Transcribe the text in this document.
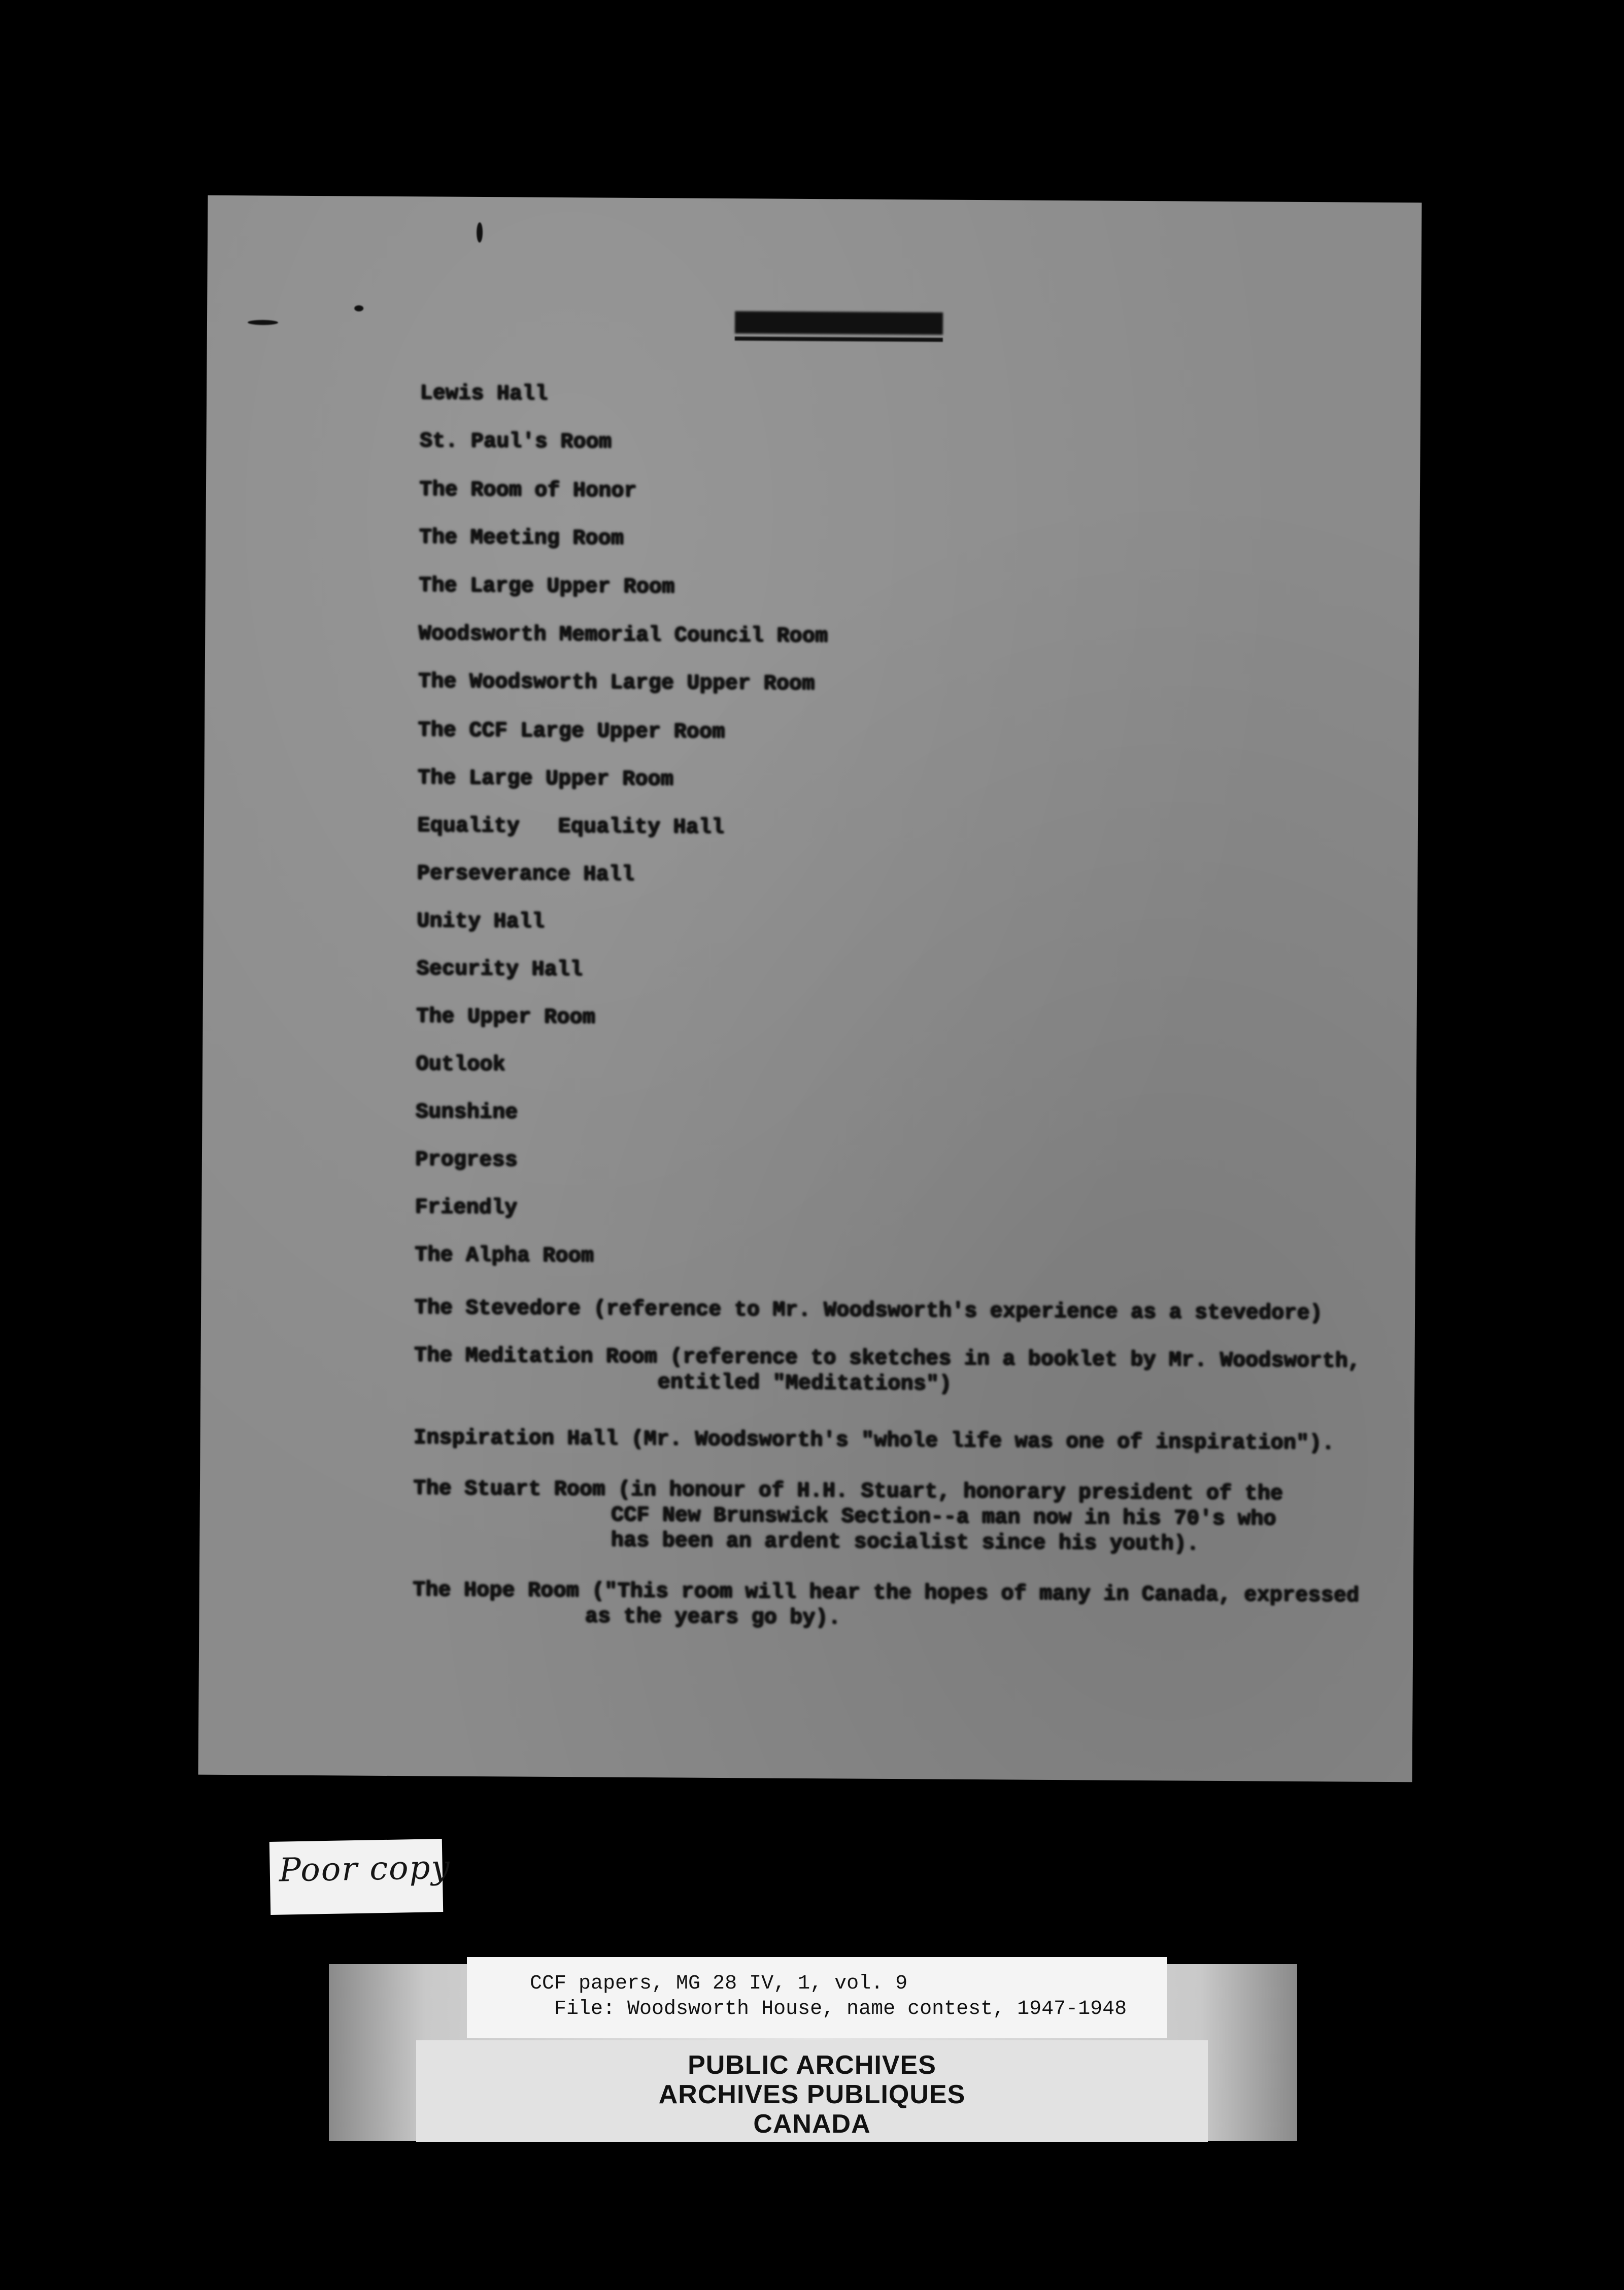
Lewis Hall
St. Paul's Room
The Room of Honor
The Meeting Room
The Large Upper Room
Woodsworth Memorial Council Room
The Woodsworth Large Upper Room
The CCF Large Upper Room
The Large Upper Room
Equality   Equality Hall
Perseverance Hall
Unity Hall
Security Hall
The Upper Room
Outlook
Sunshine
Progress
Friendly
The Alpha Room
The Stevedore (reference to Mr. Woodsworth's experience as a stevedore)
The Meditation Room (reference to sketches in a booklet by Mr. Woodsworth,
entitled "Meditations")
Inspiration Hall (Mr. Woodsworth's "whole life was one of inspiration").
The Stuart Room (in honour of H.H. Stuart, honorary president of the
CCF New Brunswick Section--a man now in his 70's who
has been an ardent socialist since his youth).
The Hope Room ("This room will hear the hopes of many in Canada, expressed
as the years go by).
Poor copy
CCF papers, MG 28 IV, 1, vol. 9
File: Woodsworth House, name contest, 1947-1948
PUBLIC ARCHIVES
ARCHIVES PUBLIQUES
CANADA
